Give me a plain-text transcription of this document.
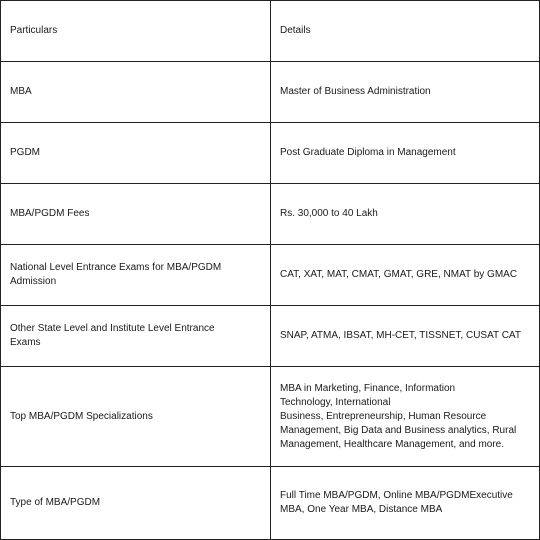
Particulars	Details

MBA	Master of Business Administration

PGDM	Post Graduate Diploma in Management

MBA/PGDM Fees	Rs. 30,000 to 40 Lakh

National Level Entrance Exams for MBA/PGDM
Admission	CAT, XAT, MAT, CMAT, GMAT, GRE, NMAT by GMAC

Other State Level and Institute Level Entrance
Exams	SNAP, ATMA, IBSAT, MH-CET, TISSNET, CUSAT CAT

Top MBA/PGDM Specializations	MBA in Marketing, Finance, Information
Technology, International
Business, Entrepreneurship, Human Resource
Management, Big Data and Business analytics, Rural
Management, Healthcare Management, and more.

Type of MBA/PGDM	Full Time MBA/PGDM, Online MBA/PGDMExecutive
MBA, One Year MBA, Distance MBA
